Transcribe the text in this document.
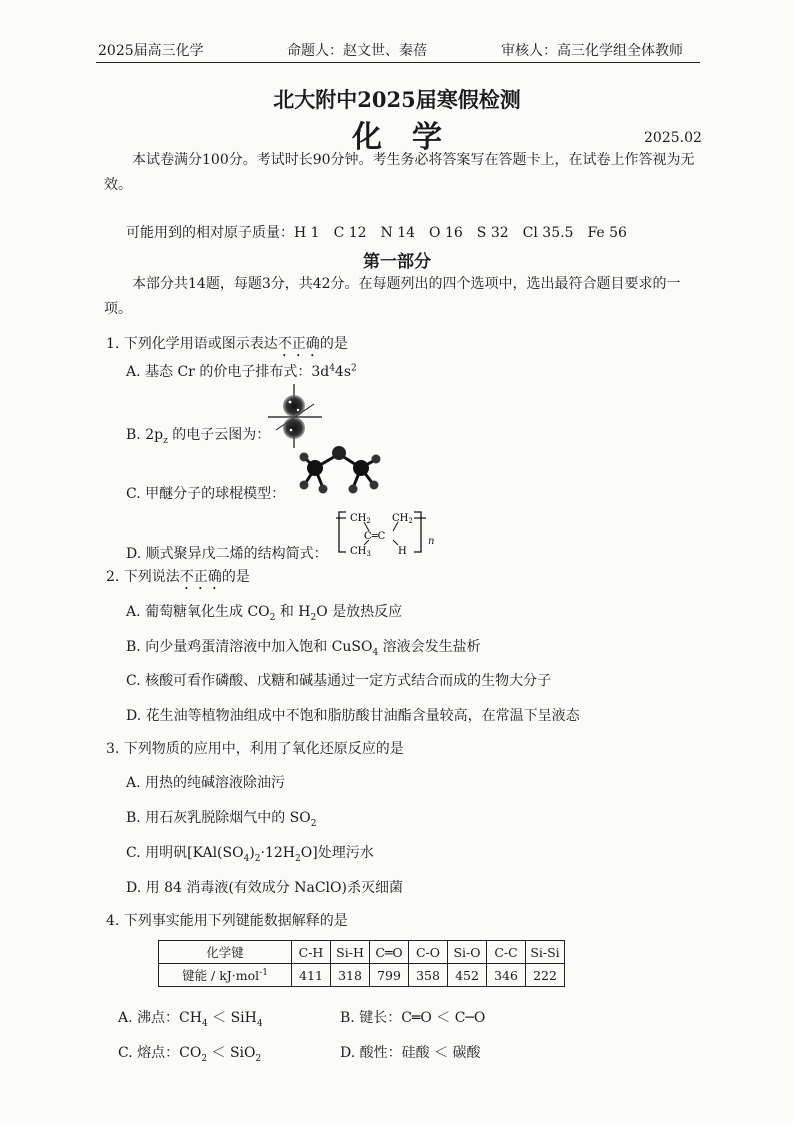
2025届高三化学	命题人：赵文世、秦蓓	审核人：高三化学组全体教师
北大附中2025届寒假检测
化学	2025.02
本试卷满分100分。考试时长90分钟。考生务必将答案写在答题卡上，在试卷上作答视为无效。
可能用到的相对原子质量：H 1　C 12　N 14　O 16　S 32　Cl 35.5　Fe 56
第一部分
本部分共14题，每题3分，共42分。在每题列出的四个选项中，选出最符合题目要求的一项。
1. 下列化学用语或图示表达不正确的是
A. 基态 Cr 的价电子排布式：$3d^44s^2$
B. $2p_z$ 的电子云图为：
C. 甲醚分子的球棍模型：
$CH_2$ $CH_2$
C═C
$CH_3$	H
n
D. 顺式聚异戊二烯的结构简式：
2. 下列说法不正确的是
A. 葡萄糖氧化生成 $CO_2$ 和 $H_2O$ 是放热反应
B. 向少量鸡蛋清溶液中加入饱和 CuSO$_4$ 溶液会发生盐析
C. 核酸可看作磷酸、戊糖和碱基通过一定方式结合而成的生物大分子
D. 花生油等植物油组成中不饱和脂肪酸甘油酯含量较高，在常温下呈液态
3. 下列物质的应用中，利用了氧化还原反应的是
A. 用热的纯碱溶液除油污
B. 用石灰乳脱除烟气中的 $SO_2$
C. 用明矾$[KAl(SO_4)_2\cdot 12H_2O]$处理污水
D. 用 84 消毒液(有效成分 NaClO)杀灭细菌
4. 下列事实能用下列键能数据解释的是
化学键	C-H	Si-H	C═O	C-O	Si-O	C-C	Si-Si
键能 / kJ·mol$^{-1}$	411	318	799	358	452	346	222
A. 沸点：$CH_4 < SiH_4$	B. 键长：C═O ＜ C─O
C. 熔点：$CO_2 < SiO_2$	D. 酸性：硅酸 ＜ 碳酸
